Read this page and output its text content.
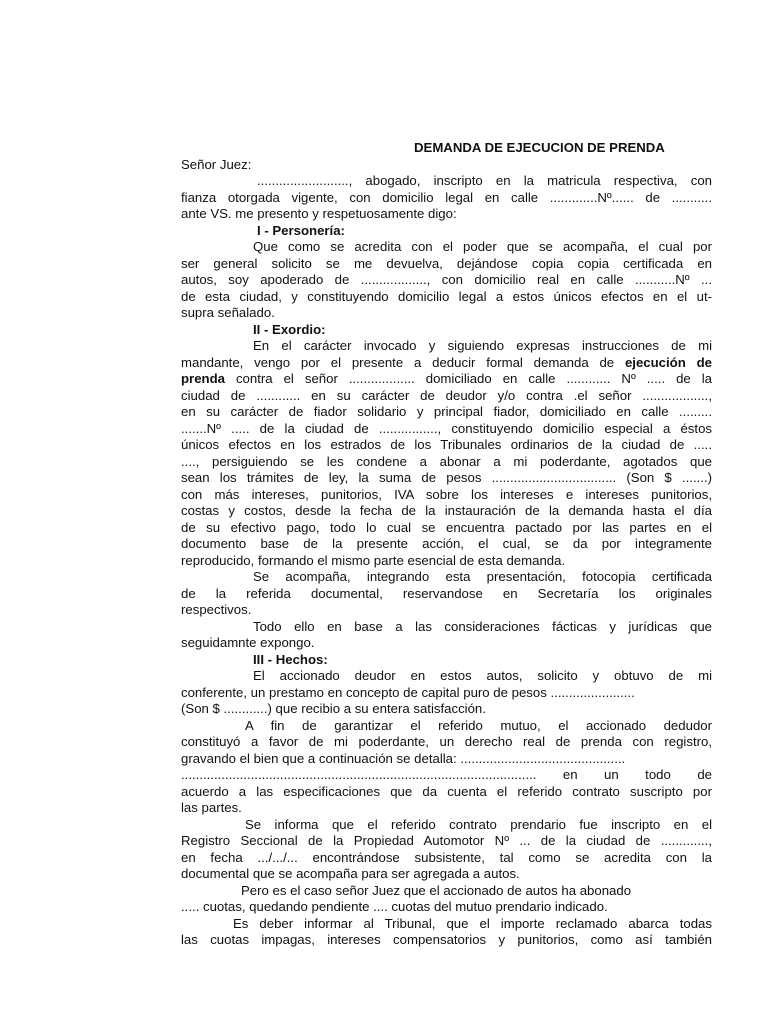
DEMANDA DE EJECUCION DE PRENDA
Señor Juez:
........................., abogado, inscripto en la matricula respectiva, con
fianza otorgada vigente, con domicilio legal en calle .............Nº...... de ...........
ante VS. me presento y respetuosamente digo:
I - Personería:
Que como se acredita con el poder que se acompaña, el cual por
ser general solicito se me devuelva, dejándose copia copia certificada en
autos, soy apoderado de .................., con domicilio real en calle ...........Nº ...
de esta ciudad, y constituyendo domicilio legal a estos únicos efectos en el ut-
supra señalado.
II - Exordio:
En el carácter invocado y siguiendo expresas instrucciones de mi
mandante, vengo por el presente a deducir formal demanda de ejecución de
prenda contra el señor .................. domiciliado en calle ............ Nº ..... de la
ciudad de ............ en su carácter de deudor y/o contra .el señor ..................,
en su carácter de fiador solidario y principal fiador, domiciliado en calle .........
.......Nº ..... de la ciudad de ................, constituyendo domicilio especial a éstos
únicos efectos en los estrados de los Tribunales ordinarios de la ciudad de .....
...., persiguiendo se les condene a abonar a mi poderdante, agotados que
sean los trámites de ley, la suma de pesos .................................. (Son $ .......)
con más intereses, punitorios, IVA sobre los intereses e intereses punitorios,
costas y costos, desde la fecha de la instauración de la demanda hasta el día
de su efectivo pago, todo lo cual se encuentra pactado por las partes en el
documento base de la presente acción, el cual, se da por integramente
reproducido, formando el mismo parte esencial de esta demanda.
Se acompaña, integrando esta presentación, fotocopia certificada
de la referida documental, reservandose en Secretaría los originales
respectivos.
Todo ello en base a las consideraciones fácticas y jurídicas que
seguidamnte expongo.
III - Hechos:
El accionado deudor en estos autos, solicito y obtuvo de mi
conferente, un prestamo en concepto de capital puro de pesos .......................
(Son $ ............) que recibio a su entera satisfacción.
A fin de garantizar el referido mutuo, el accionado dedudor
constituyó a favor de mi poderdante, un derecho real de prenda con registro,
gravando el bien que a continuación se detalla: .............................................
................................................................................................. en un todo de
acuerdo a las especificaciones que da cuenta el referido contrato suscripto por
las partes.
Se informa que el referido contrato prendario fue inscripto en el
Registro Seccional de la Propiedad Automotor Nº ... de la ciudad de .............,
en fecha .../.../... encontrándose subsistente, tal como se acredita con la
documental que se acompaña para ser agregada a autos.
Pero es el caso señor Juez que el accionado de autos ha abonado
..... cuotas, quedando pendiente .... cuotas del mutuo prendario indicado.
Es deber informar al Tribunal, que el importe reclamado abarca todas
las cuotas impagas, intereses compensatorios y punitorios, como así también
